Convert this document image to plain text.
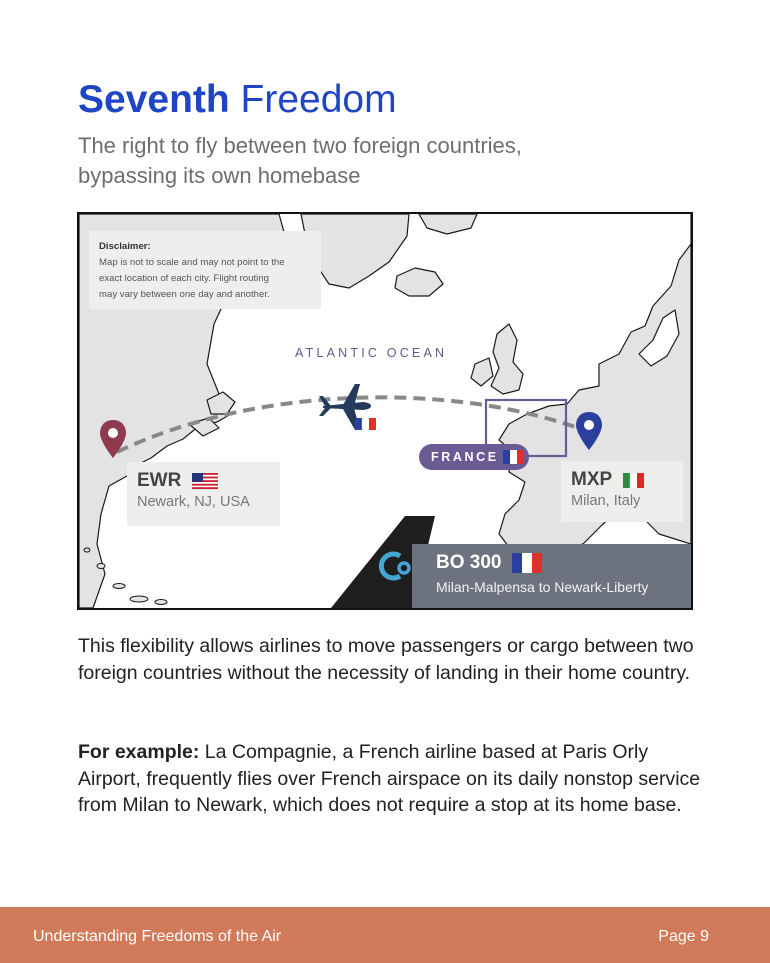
Seventh Freedom

The right to fly between two foreign countries,
bypassing its own homebase

Disclaimer:
Map is not to scale and may not point to the
exact location of each city. Flight routing
may vary between one day and another.
ATLANTIC OCEAN
FRANCE
EWR
Newark, NJ, USA
MXP
Milan, Italy
BO 300
Milan-Malpensa to Newark-Liberty

This flexibility allows airlines to move passengers or cargo between two foreign countries without the necessity of landing in their home country.

For example: La Compagnie, a French airline based at Paris Orly Airport, frequently flies over French airspace on its daily nonstop service from Milan to Newark, which does not require a stop at its home base.

Understanding Freedoms of the Air	Page 9
